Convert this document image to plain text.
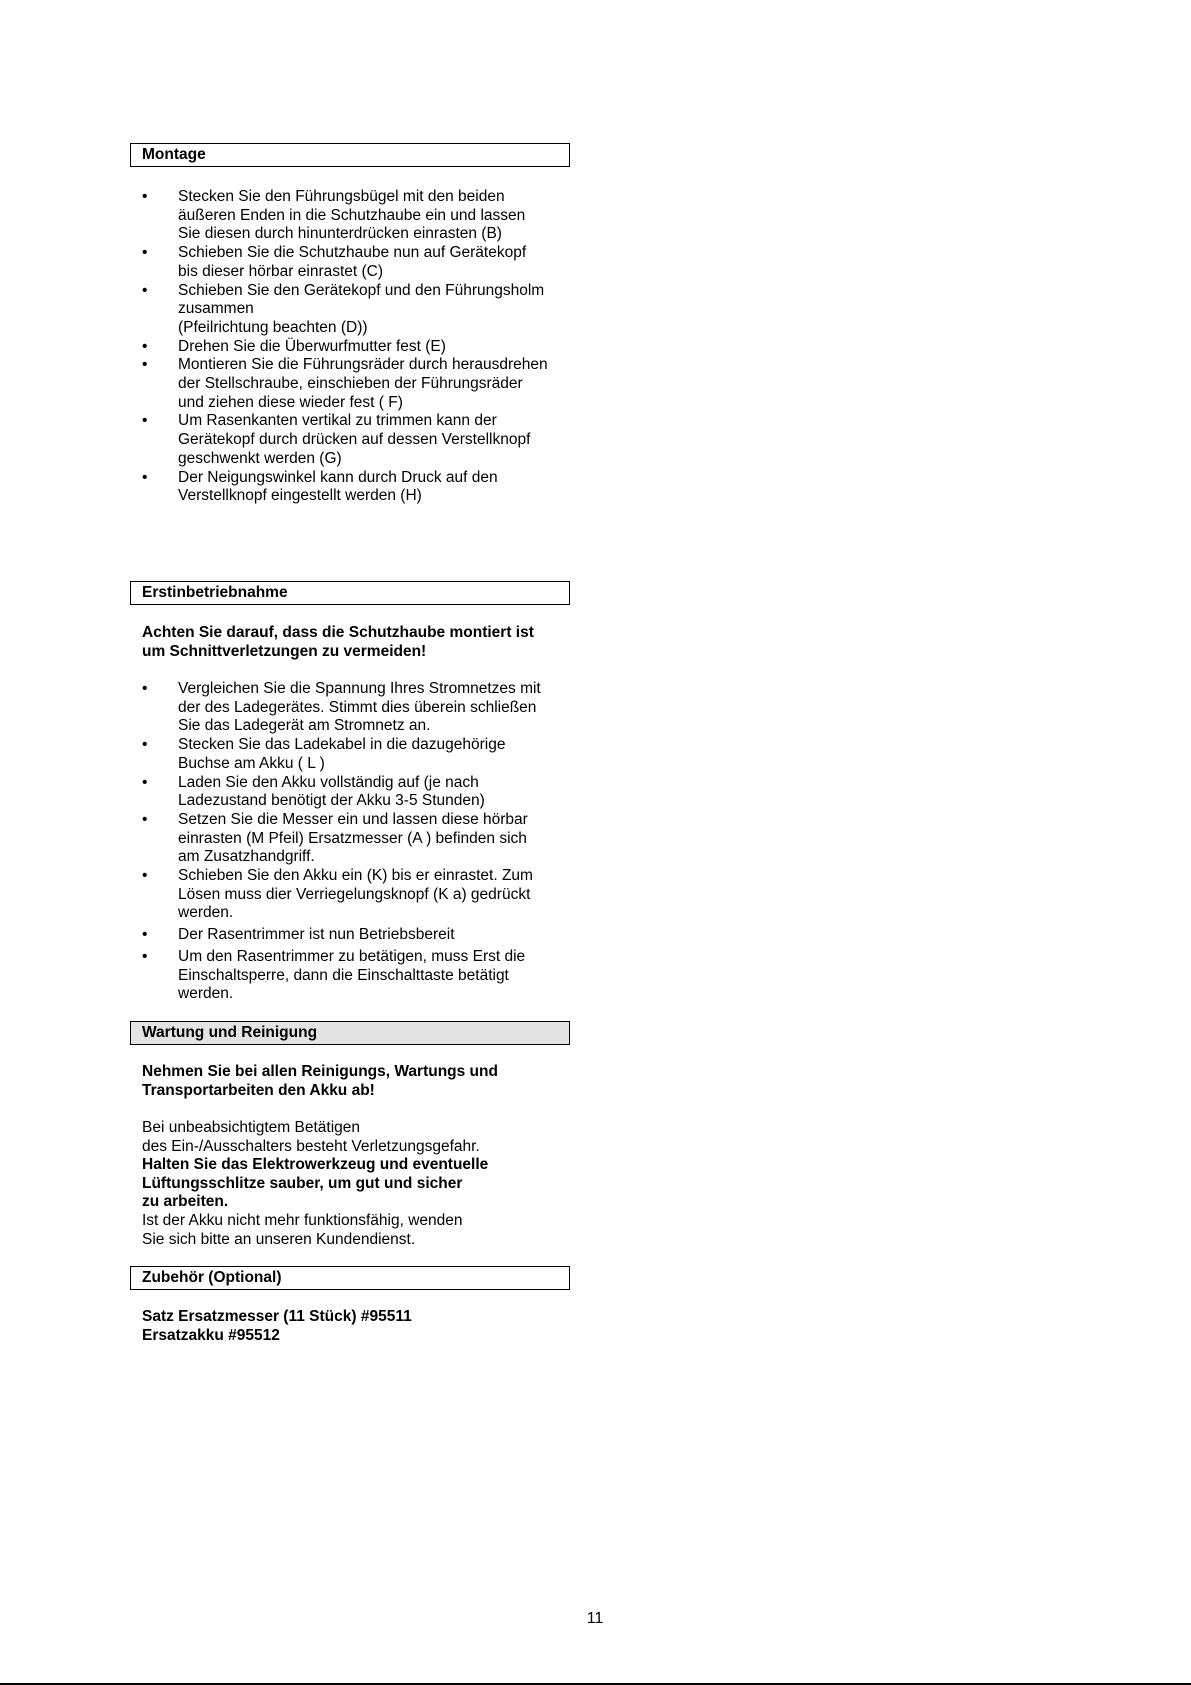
Montage
• Stecken Sie den Führungsbügel mit den beiden
äußeren Enden in die Schutzhaube ein und lassen
Sie diesen durch hinunterdrücken einrasten (B)
• Schieben Sie die Schutzhaube nun auf Gerätekopf
bis dieser hörbar einrastet (C)
• Schieben Sie den Gerätekopf und den Führungsholm
zusammen
(Pfeilrichtung beachten (D))
• Drehen Sie die Überwurfmutter fest (E)
• Montieren Sie die Führungsräder durch herausdrehen
der Stellschraube, einschieben der Führungsräder
und ziehen diese wieder fest ( F)
• Um Rasenkanten vertikal zu trimmen kann der
Gerätekopf durch drücken auf dessen Verstellknopf
geschwenkt werden (G)
• Der Neigungswinkel kann durch Druck auf den
Verstellknopf eingestellt werden (H)
Erstinbetriebnahme
Achten Sie darauf, dass die Schutzhaube montiert ist
um Schnittverletzungen zu vermeiden!
• Vergleichen Sie die Spannung Ihres Stromnetzes mit
der des Ladegerätes. Stimmt dies überein schließen
Sie das Ladegerät am Stromnetz an.
• Stecken Sie das Ladekabel in die dazugehörige
Buchse am Akku ( L )
• Laden Sie den Akku vollständig auf (je nach
Ladezustand benötigt der Akku 3-5 Stunden)
• Setzen Sie die Messer ein und lassen diese hörbar
einrasten (M Pfeil) Ersatzmesser (A ) befinden sich
am Zusatzhandgriff.
• Schieben Sie den Akku ein (K) bis er einrastet. Zum
Lösen muss dier Verriegelungsknopf (K a) gedrückt
werden.
• Der Rasentrimmer ist nun Betriebsbereit
• Um den Rasentrimmer zu betätigen, muss Erst die
Einschaltsperre, dann die Einschalttaste betätigt
werden.
Wartung und Reinigung
Nehmen Sie bei allen Reinigungs, Wartungs und
Transportarbeiten den Akku ab!
Bei unbeabsichtigtem Betätigen
des Ein-/Ausschalters besteht Verletzungsgefahr.
Halten Sie das Elektrowerkzeug und eventuelle
Lüftungsschlitze sauber, um gut und sicher
zu arbeiten.
Ist der Akku nicht mehr funktionsfähig, wenden
Sie sich bitte an unseren Kundendienst.
Zubehör (Optional)
Satz Ersatzmesser (11 Stück) #95511
Ersatzakku #95512
11
